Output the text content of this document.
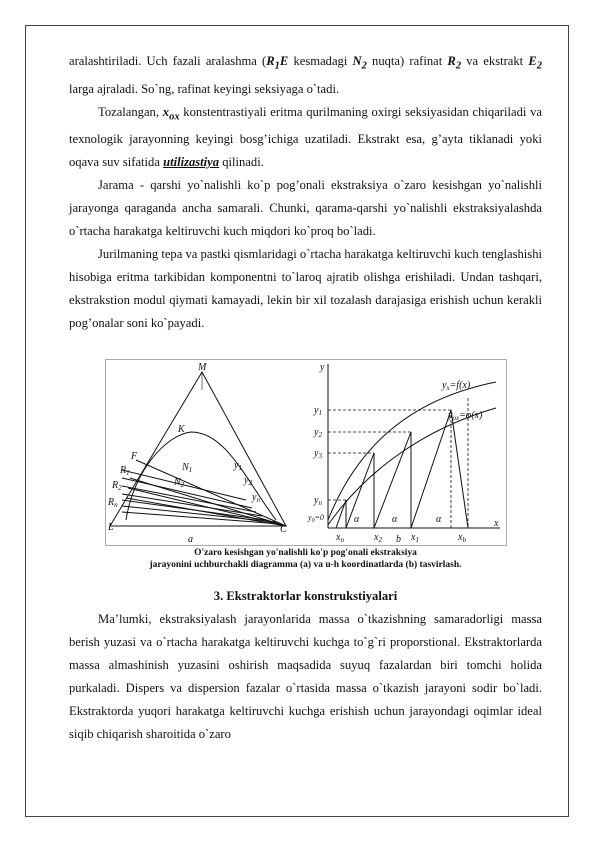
aralashtiriladi. Uch fazali aralashma ($R_1E$ kesmadagi $N_2$ nuqta) rafinat $R_2$ va ekstrakt $E_2$ larga ajraladi. So`ng, rafinat keyingi seksiyaga o`tadi.

Tozalangan, $x_{ox}$ konstentrastiyali eritma qurilmaning oxirgi seksiyasidan chiqariladi va texnologik jarayonning keyingi bosg’ichiga uzatiladi. Ekstrakt esa, g’ayta tiklanadi yoki oqava suv sifatida utilizastiya qilinadi.

Jarama - qarshi yo`nalishli ko`p pog’onali ekstraksiya o`zaro kesishgan yo`nalishli jarayonga qaraganda ancha samarali. Chunki, qarama-qarshi yo`nalishli ekstraksiyalashda o`rtacha harakatga keltiruvchi kuch miqdori ko`proq bo`ladi.

Jurilmaning tepa va pastki qismlaridagi o`rtacha harakatga keltiruvchi kuch tenglashishi hisobiga eritma tarkibidan komponentni to`laroq ajratib olishga erishiladi. Undan tashqari, ekstrakstion modul qiymati kamayadi, lekin bir xil tozalash darajasiga erishish uchun kerakli pog’onalar soni ko`payadi.

M
K
F
$N_1$
$N_2$
$R_1$
$R_2$
$R_n$
$y_1$
$y_2$
$y_n$
L	C
a
y
x
$y_x=f(x)$
$y_{ox}=\varphi(x)$
$y_1$
$y_2$
$y_3$
$y_n$
$y_0=0$
$x_n$	$x_2$	$x_1$	$x_b$
α	α	α
b
O'zaro kesishgan yo'nalishli ko'p pog'onali ekstraksiya
jarayonini uchburchakli diagramma (a) va u-h koordinatlarda (b) tasvirlash.
3. Ekstraktorlar konstrukstiyalari

Ma’lumki, ekstraksiyalash jarayonlarida massa o`tkazishning samaradorligi massa berish yuzasi va o`rtacha harakatga keltiruvchi kuchga to`g`ri proporstional. Ekstraktorlarda massa almashinish yuzasini oshirish maqsadida suyuq fazalardan biri tomchi holida purkaladi. Dispers va dispersion fazalar o`rtasida massa o`tkazish jarayoni sodir bo`ladi. Ekstraktorda yuqori harakatga keltiruvchi kuchga erishish uchun jarayondagi oqimlar ideal siqib chiqarish sharoitida o`zaro
